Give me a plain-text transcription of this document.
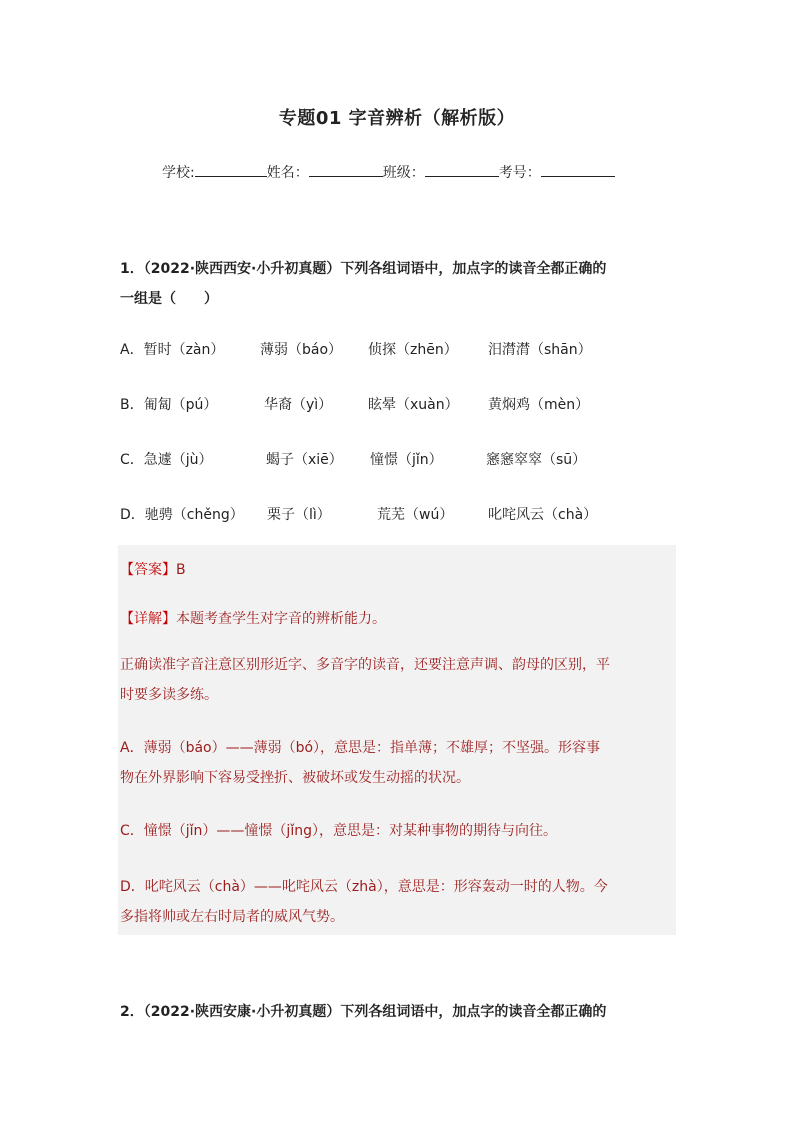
专题01 字音辨析（解析版）
学校:	姓名：	班级：	考号：
1．（2022·陕西西安·小升初真题）下列各组词语中，加点字的读音全都正确的
一组是（　　）
A．暂时（zàn）	薄弱（báo） 侦探（zhēn） 汨潸潸（shān）
B．匍匐（pú）	华裔（yì）	眩晕（xuàn） 黄焖鸡（mèn）
C．急遽（jù）	蝎子（xiē） 憧憬（jǐn）	窸窸窣窣（sū）
D．驰骋（chěng） 栗子（lì）	荒芜（wú） 叱咤风云（chà）
【答案】B
【详解】本题考查学生对字音的辨析能力。
正确读准字音注意区别形近字、多音字的读音，还要注意声调、韵母的区别，平
时要多读多练。
A．薄弱（báo）——薄弱（bó），意思是：指单薄；不雄厚；不坚强。形容事
物在外界影响下容易受挫折、被破坏或发生动摇的状况。
C．憧憬（jǐn）——憧憬（jǐng），意思是：对某种事物的期待与向往。
D．叱咤风云（chà）——叱咤风云（zhà），意思是：形容轰动一时的人物。今
多指将帅或左右时局者的威风气势。
2．（2022·陕西安康·小升初真题）下列各组词语中，加点字的读音全都正确的
